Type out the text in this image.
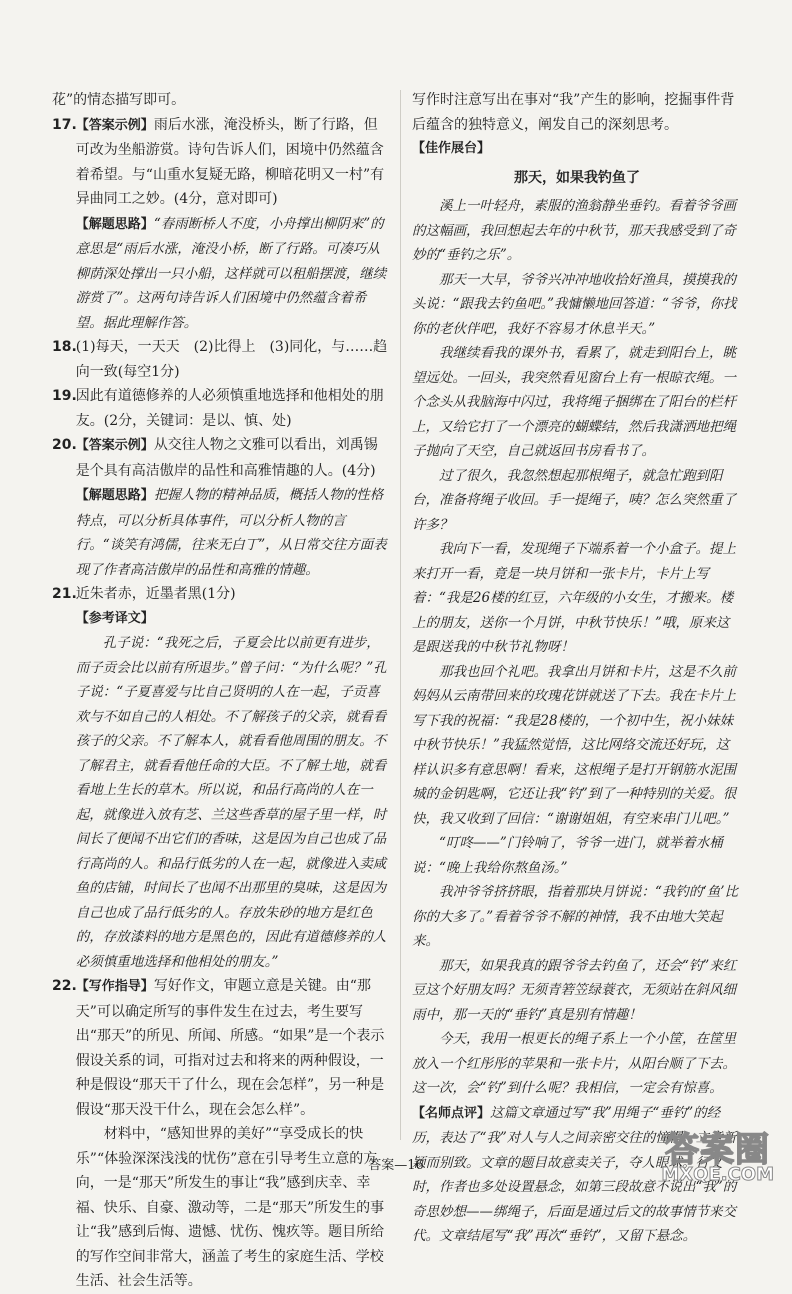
花”的情态描写即可。

17.

【答案示例】雨后水涨，淹没桥头，断了行路，但可改为坐船游赏。诗句告诉人们，困境中仍然蕴含着希望。与“山重水复疑无路，柳暗花明又一村”有异曲同工之妙。(4分，意对即可)

【解题思路】“春雨断桥人不度，小舟撑出柳阴来”的意思是“雨后水涨，淹没小桥，断了行路。可凑巧从柳荫深处撑出一只小船，这样就可以租船摆渡，继续游赏了”。这两句诗告诉人们困境中仍然蕴含着希望。据此理解作答。

18.

(1)每天，一天天　(2)比得上　(3)同化，与……趋向一致(每空1分)

19.

因此有道德修养的人必须慎重地选择和他相处的朋友。(2分，关键词：是以、慎、处)

20.

【答案示例】从交往人物之文雅可以看出，刘禹锡是个具有高洁傲岸的品性和高雅情趣的人。(4分)

【解题思路】把握人物的精神品质，概括人物的性格特点，可以分析具体事件，可以分析人物的言行。“谈笑有鸿儒，往来无白丁”，从日常交往方面表现了作者高洁傲岸的品性和高雅的情趣。

21.

近朱者赤，近墨者黑(1分)

【参考译文】

孔子说：“我死之后，子夏会比以前更有进步，而子贡会比以前有所退步。”曾子问：“为什么呢？”孔子说：“子夏喜爱与比自己贤明的人在一起，子贡喜欢与不如自己的人相处。不了解孩子的父亲，就看看孩子的父亲。不了解本人，就看看他周围的朋友。不了解君主，就看看他任命的大臣。不了解土地，就看看地上生长的草木。所以说，和品行高尚的人在一起，就像进入放有芝、兰这些香草的屋子里一样，时间长了便闻不出它们的香味，这是因为自己也成了品行高尚的人。和品行低劣的人在一起，就像进入卖咸鱼的店铺，时间长了也闻不出那里的臭味，这是因为自己也成了品行低劣的人。存放朱砂的地方是红色的，存放漆料的地方是黑色的，因此有道德修养的人必须慎重地选择和他相处的朋友。”

22.

【写作指导】写好作文，审题立意是关键。由“那天”可以确定所写的事件发生在过去，考生要写出“那天”的所见、所闻、所感。“如果”是一个表示假设关系的词，可指对过去和将来的两种假设，一种是假设“那天干了什么，现在会怎样”，另一种是假设“那天没干什么，现在会怎么样”。

材料中，“感知世界的美好”“享受成长的快乐”“体验深深浅浅的忧伤”意在引导考生立意的方向，一是“那天”所发生的事让“我”感到庆幸、幸福、快乐、自豪、激动等，二是“那天”所发生的事让“我”感到后悔、遗憾、忧伤、愧疚等。题目所给的写作空间非常大，涵盖了考生的家庭生活、学校生活、社会生活等。

写作时注意写出在事对“我”产生的影响，挖掘事件背后蕴含的独特意义，阐发自己的深刻思考。

【佳作展台】

那天，如果我钓鱼了

溪上一叶轻舟，素服的渔翁静坐垂钓。看着爷爷画的这幅画，我回想起去年的中秋节，那天我感受到了奇妙的“垂钓之乐”。

那天一大早，爷爷兴冲冲地收拾好渔具，摸摸我的头说：“跟我去钓鱼吧。”我慵懒地回答道：“爷爷，你找你的老伙伴吧，我好不容易才休息半天。”

我继续看我的课外书，看累了，就走到阳台上，眺望远处。一回头，我突然看见窗台上有一根晾衣绳。一个念头从我脑海中闪过，我将绳子捆绑在了阳台的栏杆上，又给它打了一个漂亮的蝴蝶结，然后我潇洒地把绳子抛向了天空，自己就返回书房看书了。

过了很久，我忽然想起那根绳子，就急忙跑到阳台，准备将绳子收回。手一提绳子，咦？怎么突然重了许多？

我向下一看，发现绳子下端系着一个小盒子。提上来打开一看，竟是一块月饼和一张卡片，卡片上写着：“我是26楼的红豆，六年级的小女生，才搬来。楼上的朋友，送你一个月饼，中秋节快乐！”哦，原来这是跟送我的中秋节礼物呀！

那我也回个礼吧。我拿出月饼和卡片，这是不久前妈妈从云南带回来的玫瑰花饼就送了下去。我在卡片上写下我的祝福：“我是28楼的，一个初中生，祝小妹妹中秋节快乐！”我猛然觉悟，这比网络交流还好玩，这样认识多有意思啊！看来，这根绳子是打开钢筋水泥围城的金钥匙啊，它还让我“钓”到了一种特别的关爱。很快，我又收到了回信：“谢谢姐姐，有空来串门儿吧。”

“叮咚——”门铃响了，爷爷一进门，就举着水桶说：“晚上我给你熬鱼汤。”

我冲爷爷挤挤眼，指着那块月饼说：“我钓的‘鱼’比你的大多了。”看着爷爷不解的神情，我不由地大笑起来。

那天，如果我真的跟爷爷去钓鱼了，还会“钓”来红豆这个好朋友吗？无须青箬笠绿蓑衣，无须站在斜风细雨中，那一天的“垂钓”真是别有情趣！

今天，我用一根更长的绳子系上一个小筐，在筐里放入一个红彤彤的苹果和一张卡片，从阳台顺了下去。这一次，会“钓”到什么呢？我相信，一定会有惊喜。

【名师点评】这篇文章通过写“我”用绳子“垂钓”的经历，表达了“我”对人与人之间亲密交往的憧憬，立意新颖而别致。文章的题目故意卖关子，夺人眼球。行文时，作者也多处设置悬念，如第三段故意不说出“我”的奇思妙想——绑绳子，后面是通过后文的故事情节来交代。文章结尾写“我”再次“垂钓”，又留下悬念。

答案—16	答案圈
MXQE.COM
